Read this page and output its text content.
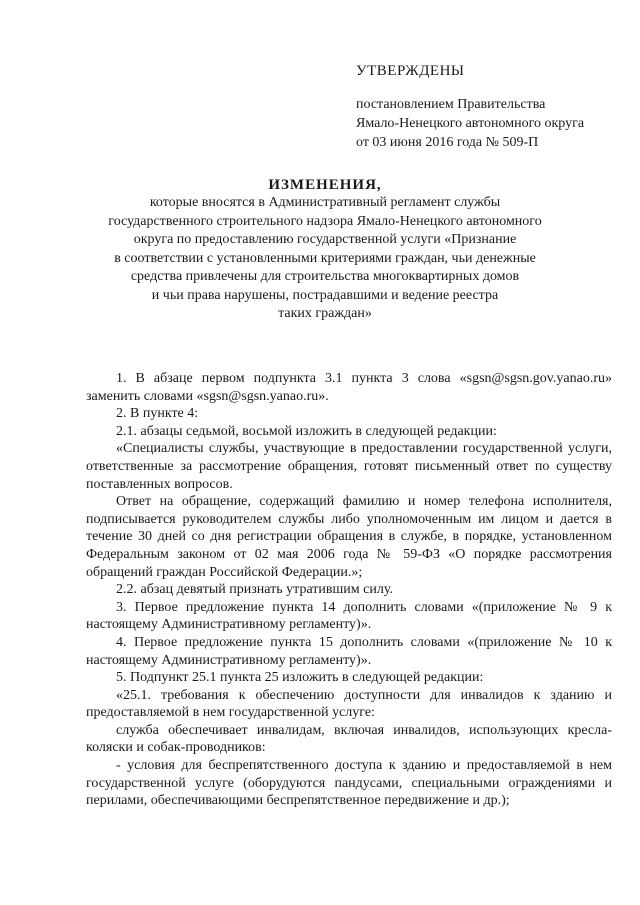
УТВЕРЖДЕНЫ
постановлением Правительства
Ямало-Ненецкого автономного округа
от 03 июня 2016 года № 509-П
ИЗМЕНЕНИЯ,
которые вносятся в Административный регламент службы
государственного строительного надзора Ямало-Ненецкого автономного
округа по предоставлению государственной услуги «Признание
в соответствии с установленными критериями граждан, чьи денежные
средства привлечены для строительства многоквартирных домов
и чьи права нарушены, пострадавшими и ведение реестра
таких граждан»

1. В абзаце первом подпункта 3.1 пункта 3 слова «sgsn@sgsn.gov.yanao.ru» заменить словами «sgsn@sgsn.yanao.ru».

2. В пункте 4:

2.1. абзацы седьмой, восьмой изложить в следующей редакции:

«Специалисты службы, участвующие в предоставлении государственной услуги, ответственные за рассмотрение обращения, готовят письменный ответ по существу поставленных вопросов.

Ответ на обращение, содержащий фамилию и номер телефона исполнителя, подписывается руководителем службы либо уполномоченным им лицом и дается в течение 30 дней со дня регистрации обращения в службе, в порядке, установленном Федеральным законом от 02 мая 2006 года № 59-ФЗ «О порядке рассмотрения обращений граждан Российской Федерации.»;

2.2. абзац девятый признать утратившим силу.

3. Первое предложение пункта 14 дополнить словами «(приложение № 9 к настоящему Административному регламенту)».

4. Первое предложение пункта 15 дополнить словами «(приложение № 10 к настоящему Административному регламенту)».

5. Подпункт 25.1 пункта 25 изложить в следующей редакции:

«25.1. требования к обеспечению доступности для инвалидов к зданию и предоставляемой в нем государственной услуге:

служба обеспечивает инвалидам, включая инвалидов, использующих кресла-коляски и собак-проводников:

- условия для беспрепятственного доступа к зданию и предоставляемой в нем государственной услуге (оборудуются пандусами, специальными ограждениями и перилами, обеспечивающими беспрепятственное передвижение и др.);
